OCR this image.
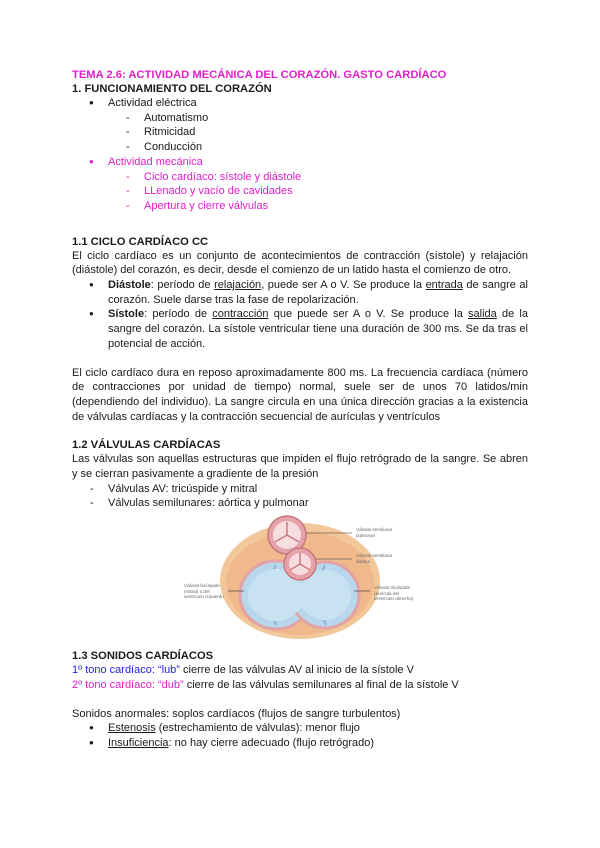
TEMA 2.6: ACTIVIDAD MECÁNICA DEL CORAZÓN. GASTO CARDÍACO
1. FUNCIONAMIENTO DEL CORAZÓN
● Actividad eléctrica
- Automatismo
- Ritmicidad
- Conducción
● Actividad mecánica
- Ciclo cardíaco: sístole y diástole
- LLenado y vacío de cavidades
- Apertura y cierre válvulas
1.1 CICLO CARDÍACO CC
El ciclo cardíaco es un conjunto de acontecimientos de contracción (sístole) y relajación (diástole) del corazón, es decir, desde el comienzo de un latido hasta el comienzo de otro.
● Diástole: período de relajación, puede ser A o V. Se produce la entrada de sangre al corazón. Suele darse tras la fase de repolarización.
● Sístole: período de contracción que puede ser A o V. Se produce la salida de la sangre del corazón. La sístole ventricular tiene una duración de 300 ms. Se da tras el potencial de acción.
El ciclo cardíaco dura en reposo aproximadamente 800 ms. La frecuencia cardíaca (número de contracciones por unidad de tiempo) normal, suele ser de unos 70 latidos/min (dependiendo del individuo). La sangre circula en una única dirección gracias a la existencia de válvulas cardíacas y la contracción secuencial de aurículas y ventrículos
1.2 VÁLVULAS CARDÍACAS
Las válvulas son aquellas estructuras que impiden el flujo retrógrado de la sangre. Se abren y se cierran pasivamente a gradiente de la presión
- Válvulas AV: tricúspide y mitral
- Válvulas semilunares: aórtica y pulmonar
Válvula semilunar pulmonar
Válvula semilunar aórtica
Válvula bicúspide (mitral) o del ventrículo izquierdo
Válvula tricúspide (auricula del ventrículo derecho)
1.3 SONIDOS CARDÍACOS
1º tono cardíaco: “lub” cierre de las válvulas AV al inicio de la sístole V
2º tono cardíaco: “dub” cierre de las válvulas semilunares al final de la sístole V
Sonidos anormales: soplos cardíacos (flujos de sangre turbulentos)
● Estenosis (estrechamiento de válvulas): menor flujo
● Insuficiencia: no hay cierre adecuado (flujo retrógrado)
